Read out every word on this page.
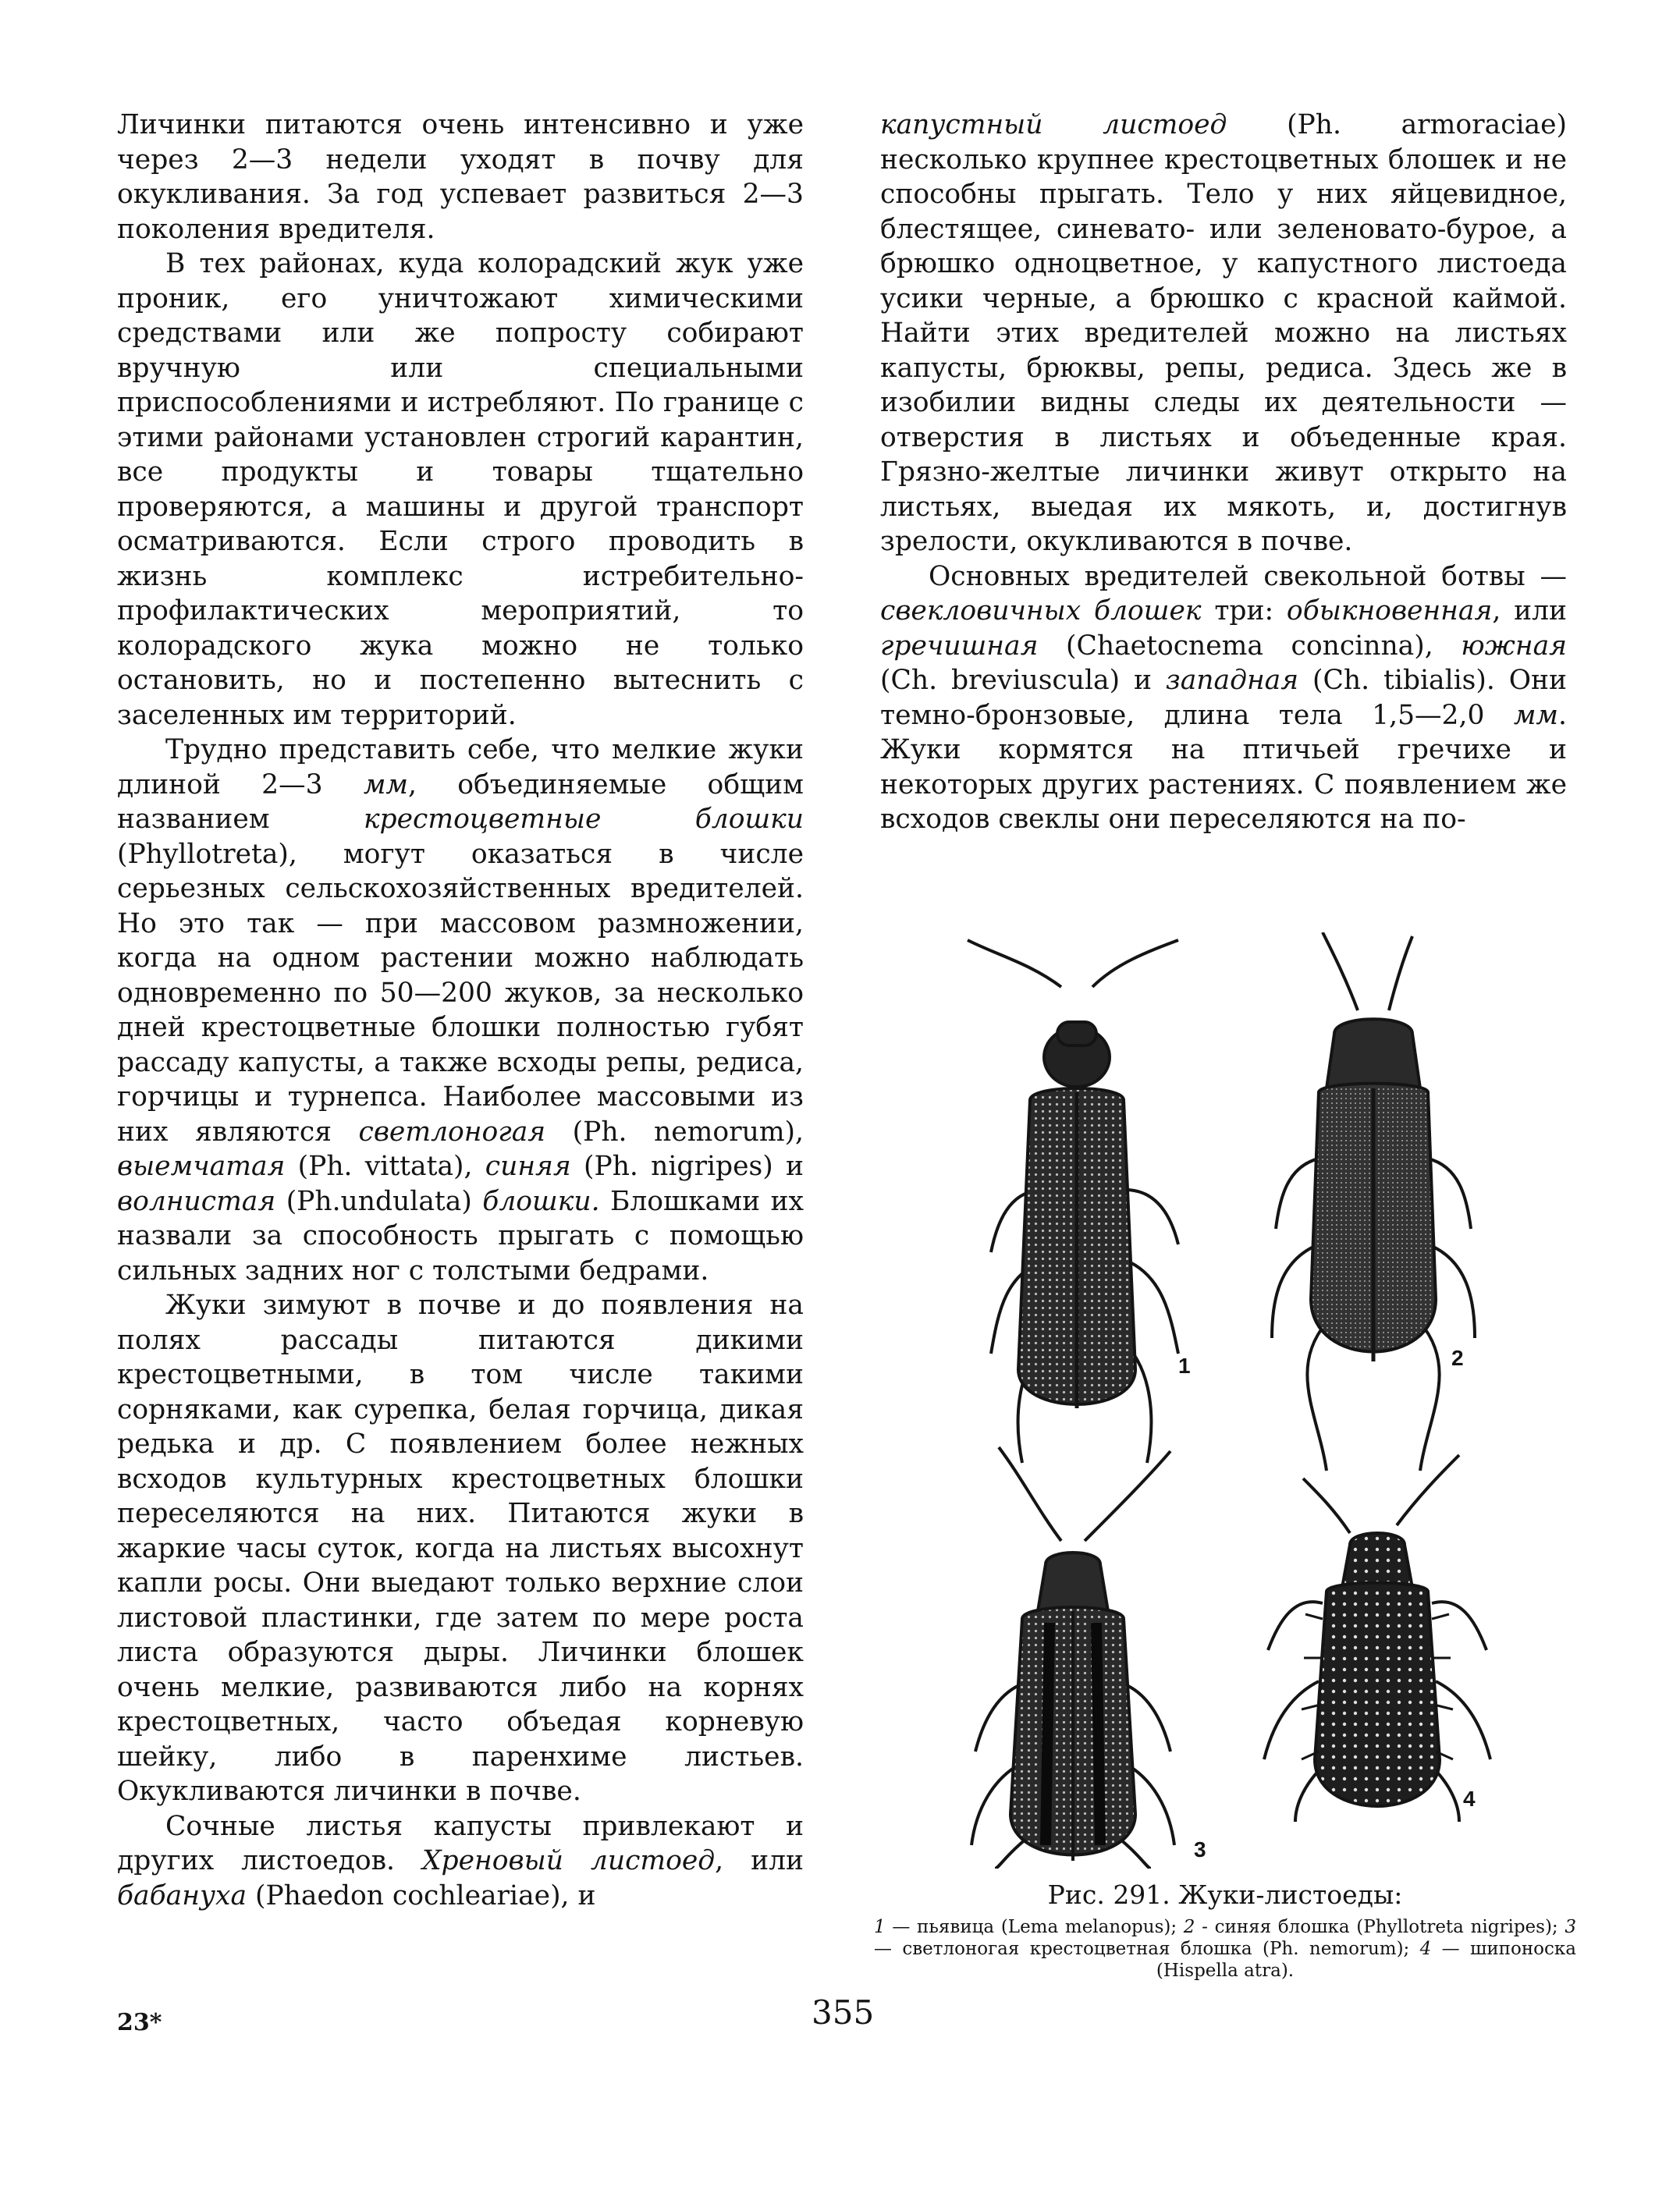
Личинки питаются очень интенсивно и уже через 2—3 недели уходят в почву для окукливания. За год успевает развиться 2—3 поколения вредителя.

В тех районах, куда колорадский жук уже проник, его уничтожают химическими средствами или же попросту собирают вручную или специальными приспособлениями и истребляют. По границе с этими районами установлен строгий карантин, все продукты и товары тщательно проверяются, а машины и другой транспорт осматриваются. Если строго проводить в жизнь комплекс истребительно-профилактических мероприятий, то колорадского жука можно не только остановить, но и постепенно вытеснить с заселенных им территорий.

Трудно представить себе, что мелкие жуки длиной 2—3 мм, объединяемые общим названием крестоцветные блошки (Phyllotreta), могут оказаться в числе серьезных сельскохозяйственных вредителей. Но это так — при массовом размножении, когда на одном растении можно наблюдать одновременно по 50—200 жуков, за несколько дней крестоцветные блошки полностью губят рассаду капусты, а также всходы репы, редиса, горчицы и турнепса. Наиболее массовыми из них являются светлоногая (Ph. nemorum), выемчатая (Ph. vittata), синяя (Ph. nigripes) и волнистая (Ph.undulata) блошки. Блошками их назвали за способность прыгать с помощью сильных задних ног с толстыми бедрами.

Жуки зимуют в почве и до появления на полях рассады питаются дикими крестоцветными, в том числе такими сорняками, как сурепка, белая горчица, дикая редька и др. С появлением более нежных всходов культурных крестоцветных блошки переселяются на них. Питаются жуки в жаркие часы суток, когда на листьях высохнут капли росы. Они выедают только верхние слои листовой пластинки, где затем по мере роста листа образуются дыры. Личинки блошек очень мелкие, развиваются либо на корнях крестоцветных, часто объедая корневую шейку, либо в паренхиме листьев. Окукливаются личинки в почве.

Сочные листья капусты привлекают и других листоедов. Хреновый листоед, или бабануха (Phaedon cochleariae), и

капустный листоед (Ph. armoraciae) несколько крупнее крестоцветных блошек и не способны прыгать. Тело у них яйцевидное, блестящее, синевато- или зеленовато-бурое, а брюшко одноцветное, у капустного листоеда усики черные, а брюшко с красной каймой. Найти этих вредителей можно на листьях капусты, брюквы, репы, редиса. Здесь же в изобилии видны следы их деятельности — отверстия в листьях и объеденные края. Грязно-желтые личинки живут открыто на листьях, выедая их мякоть, и, достигнув зрелости, окукливаются в почве.

Основных вредителей свекольной ботвы — свекловичных блошек три: обыкновенная, или гречишная (Chaetocnema concinna), южная (Ch. breviuscula) и западная (Ch. tibialis). Они темно-бронзовые, длина тела 1,5—2,0 мм. Жуки кормятся на птичьей гречихе и некоторых других растениях. С появлением же всходов свеклы они переселяются на по-

1	2
3
4
Рис. 291. Жуки-листоеды:
1 — пьявица (Lema melanopus); 2 - синяя блошка (Phyllotreta nigripes); 3 — светлоногая крестоцветная блошка (Ph. nemorum); 4 — шипоноска (Hispella atra).
23*	355
